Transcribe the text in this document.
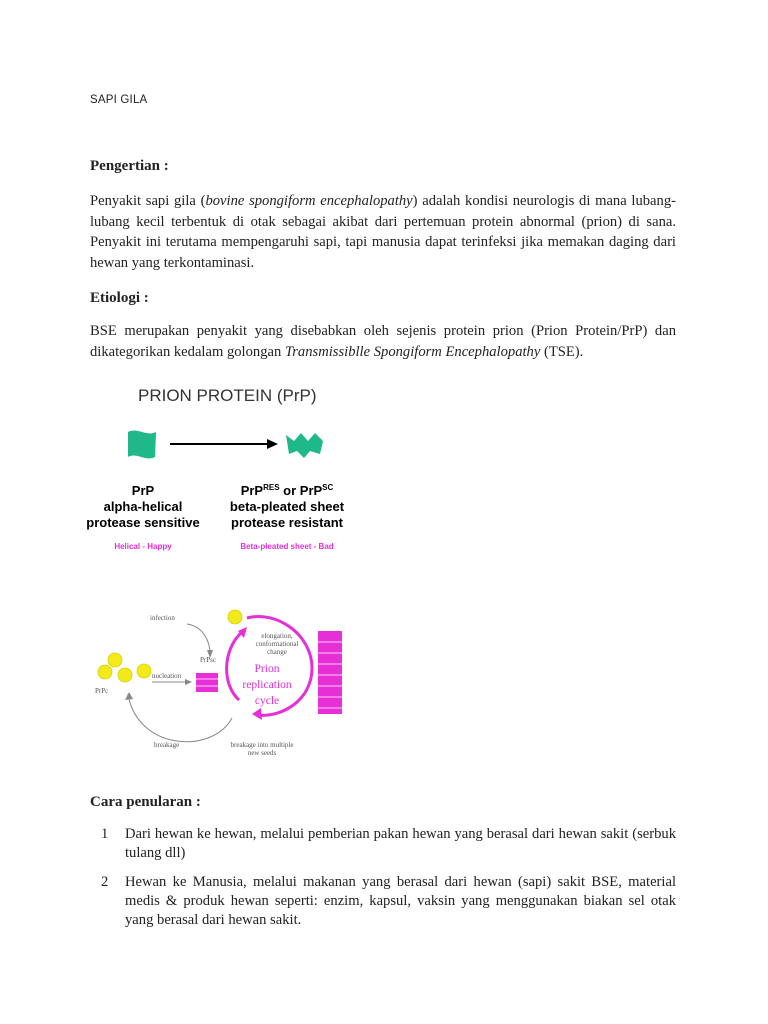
SAPI GILA
Pengertian :

Penyakit sapi gila (bovine spongiform encephalopathy) adalah kondisi neurologis di mana lubang-lubang kecil terbentuk di otak sebagai akibat dari pertemuan protein abnormal (prion) di sana. Penyakit ini terutama mempengaruhi sapi, tapi manusia dapat terinfeksi jika memakan daging dari hewan yang terkontaminasi.

Etiologi :

BSE merupakan penyakit yang disebabkan oleh sejenis protein prion (Prion Protein/PrP) dan dikategorikan kedalam golongan Transmissiblle Spongiform Encephalopathy (TSE).

PRION PROTEIN (PrP)
PrP
alpha-helical
protease sensitive
Helical - Happy
PrP$^{RES}$ or PrP$^{SC}$
beta-pleated sheet
protease resistant
Beta-pleated sheet - Bad
infection
PrPc
PrPsc
nucleation
elongation,
conformational
change
Prion
replication
cycle
breakage	breakage into multiple
new seeds
Cara penularan :
1 Dari hewan ke hewan, melalui pemberian pakan hewan yang berasal dari hewan sakit (serbuk tulang dll)
2 Hewan ke Manusia, melalui makanan yang berasal dari hewan (sapi) sakit BSE, material medis & produk hewan seperti: enzim, kapsul, vaksin yang menggunakan biakan sel otak yang berasal dari hewan sakit.
